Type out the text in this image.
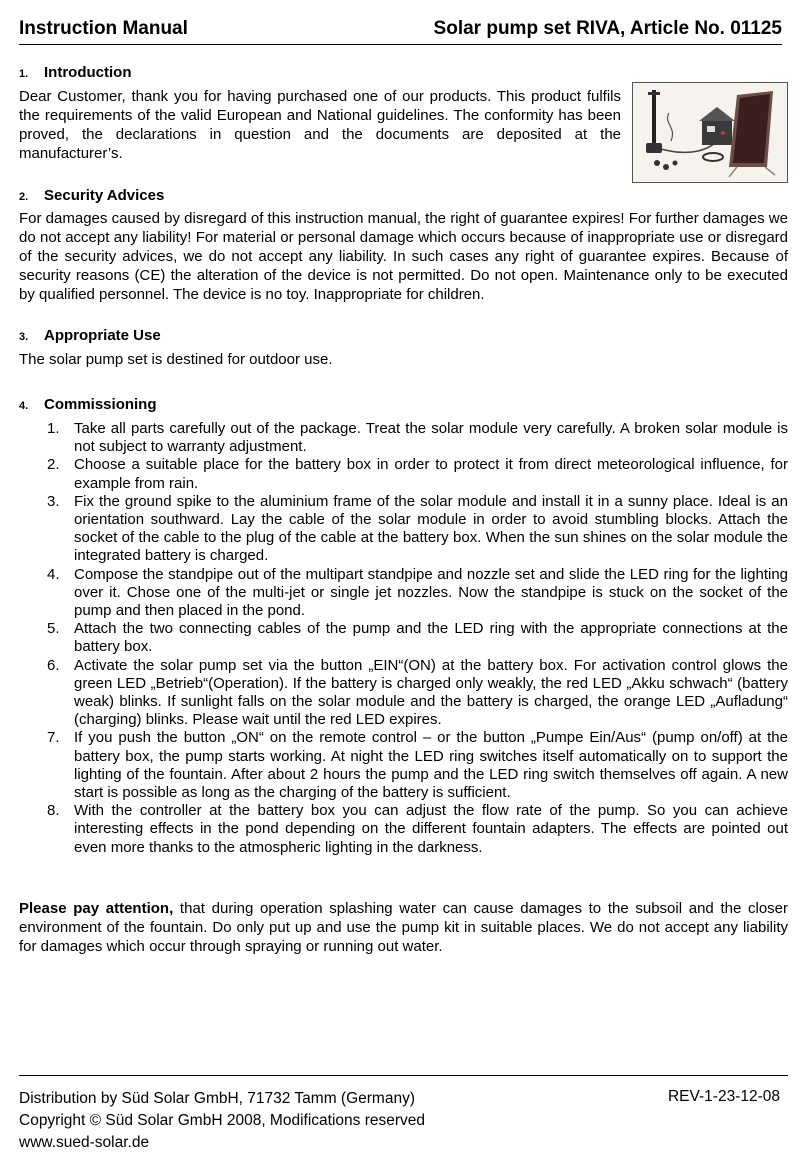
Instruction Manual	Solar pump set RIVA, Article No. 01125
1. Introduction

Dear Customer, thank you for having purchased one of our products. This product fulfils the requirements of the valid European and National guidelines. The conformity has been proved, the declarations in question and the documents are deposited at the manufacturer’s.

2. Security Advices

For damages caused by disregard of this instruction manual, the right of guarantee expires! For further damages we do not accept any liability! For material or personal damage which occurs because of inappropriate use or disregard of the security advices, we do not accept any liability. In such cases any right of guarantee expires. Because of security reasons (CE) the alteration of the device is not permitted. Do not open. Maintenance only to be executed by qualified personnel. The device is no toy. Inappropriate for children.

3. Appropriate Use

The solar pump set is destined for outdoor use.

4. Commissioning
1. Take all parts carefully out of the package. Treat the solar module very carefully. A broken solar module is not subject to warranty adjustment.
2. Choose a suitable place for the battery box in order to protect it from direct meteorological influence, for example from rain.
3. Fix the ground spike to the aluminium frame of the solar module and install it in a sunny place. Ideal is an orientation southward. Lay the cable of the solar module in order to avoid stumbling blocks. Attach the socket of the cable to the plug of the cable at the battery box. When the sun shines on the solar module the integrated battery is charged.
4. Compose the standpipe out of the multipart standpipe and nozzle set and slide the LED ring for the lighting over it. Chose one of the multi-jet or single jet nozzles. Now the standpipe is stuck on the socket of the pump and then placed in the pond.
5. Attach the two connecting cables of the pump and the LED ring with the appropriate connections at the battery box.
6. Activate the solar pump set via the button „EIN“(ON) at the battery box. For activation control glows the green LED „Betrieb“(Operation). If the battery is charged only weakly, the red LED „Akku schwach“ (battery weak) blinks. If sunlight falls on the solar module and the battery is charged, the orange LED „Aufladung“ (charging) blinks. Please wait until the red LED expires.
7. If you push the button „ON“ on the remote control – or the button „Pumpe Ein/Aus“ (pump on/off) at the battery box, the pump starts working. At night the LED ring switches itself automatically on to support the lighting of the fountain. After about 2 hours the pump and the LED ring switch themselves off again. A new start is possible as long as the charging of the battery is sufficient.
8. With the controller at the battery box you can adjust the flow rate of the pump. So you can achieve interesting effects in the pond depending on the different fountain adapters. The effects are pointed out even more thanks to the atmospheric lighting in the darkness.

Please pay attention, that during operation splashing water can cause damages to the subsoil and the closer environment of the fountain. Do only put up and use the pump kit in suitable places. We do not accept any liability for damages which occur through spraying or running out water.

Distribution by Süd Solar GmbH, 71732 Tamm (Germany)
Copyright © Süd Solar GmbH 2008, Modifications reserved
www.sued-solar.de
REV-1-23-12-08
